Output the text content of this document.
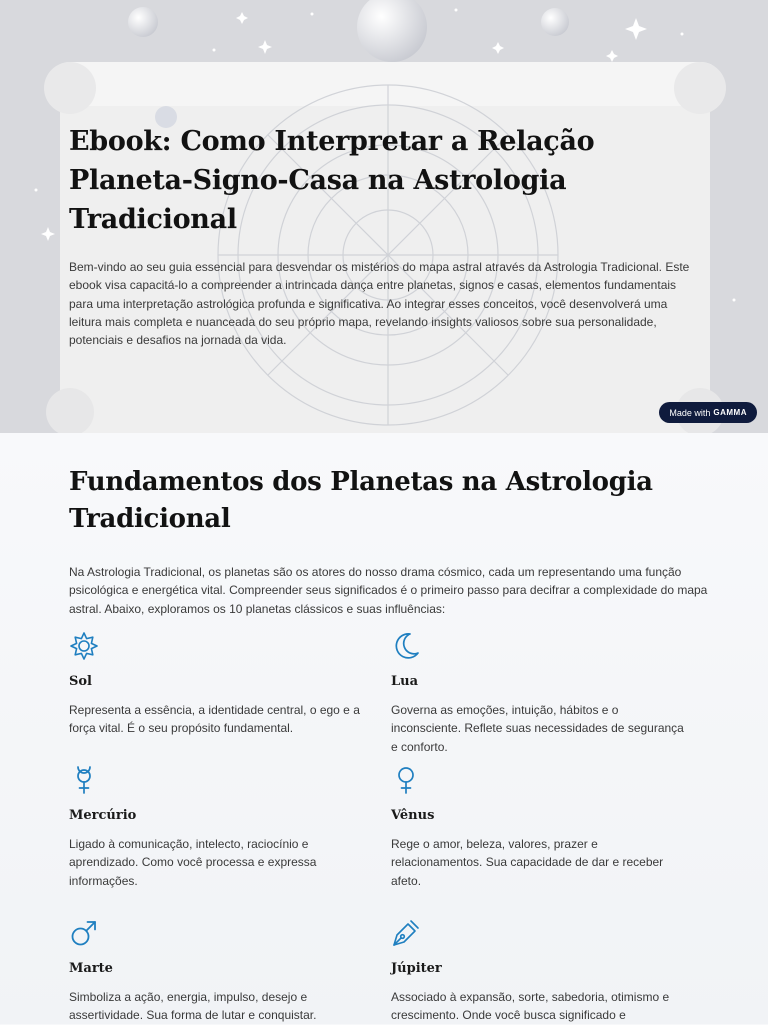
Ebook: Como Interpretar a Relação Planeta-Signo-Casa na Astrologia Tradicional

Bem-vindo ao seu guia essencial para desvendar os mistérios do mapa astral através da Astrologia Tradicional. Este ebook visa capacitá-lo a compreender a intrincada dança entre planetas, signos e casas, elementos fundamentais para uma interpretação astrológica profunda e significativa. Ao integrar esses conceitos, você desenvolverá uma leitura mais completa e nuanceada do seu próprio mapa, revelando insights valiosos sobre sua personalidade, potenciais e desafios na jornada da vida.

Made with GAMMA
Fundamentos dos Planetas na Astrologia Tradicional

Na Astrologia Tradicional, os planetas são os atores do nosso drama cósmico, cada um representando uma função psicológica e energética vital. Compreender seus significados é o primeiro passo para decifrar a complexidade do mapa astral. Abaixo, exploramos os 10 planetas clássicos e suas influências:

Sol
Representa a essência, a identidade central, o ego e a força vital. É o seu propósito fundamental.
Lua
Governa as emoções, intuição, hábitos e o inconsciente. Reflete suas necessidades de segurança e conforto.
Mercúrio
Ligado à comunicação, intelecto, raciocínio e aprendizado. Como você processa e expressa informações.
Vênus
Rege o amor, beleza, valores, prazer e relacionamentos. Sua capacidade de dar e receber afeto.
Marte
Simboliza a ação, energia, impulso, desejo e assertividade. Sua forma de lutar e conquistar.
Júpiter
Associado à expansão, sorte, sabedoria, otimismo e crescimento. Onde você busca significado e
